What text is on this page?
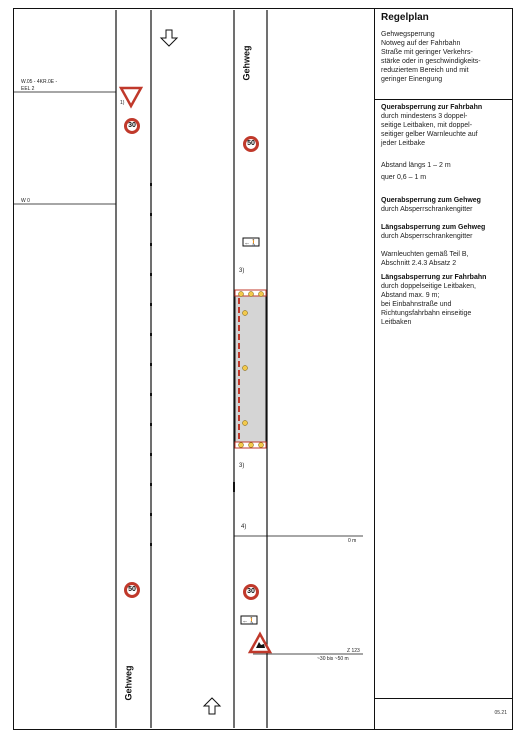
←🚶
←🚶
Gehweg
Gehweg
30
50
50	30
W.05 - 4KR.0E -
EEL 2
W 0
1)
3)
3)
4)
0 m
Z 123
~30 bis ~50 m
Regelplan
Gehwegsperrung
Notweg auf der Fahrbahn
Straße mit geringer Verkehrs-
stärke oder in geschwindigkeits-
reduziertem Bereich und mit
geringer Einengung
Querabsperrung zur Fahrbahn
durch mindestens 3 doppel-
seitige Leitbaken, mit doppel-
seitiger gelber Warnleuchte auf
jeder Leitbake
Abstand längs 1 – 2 m
quer 0,6 – 1 m
Querabsperrung zum Gehweg
durch Absperrschrankengitter
Längsabsperrung zum Gehweg
durch Absperrschrankengitter
Warnleuchten gemäß Teil B,
Abschnitt 2.4.3 Absatz 2
Längsabsperrung zur Fahrbahn
durch doppelseitige Leitbaken,
Abstand max. 9 m;
bei Einbahnstraße und
Richtungsfahrbahn einseitige
Leitbaken
05.21
